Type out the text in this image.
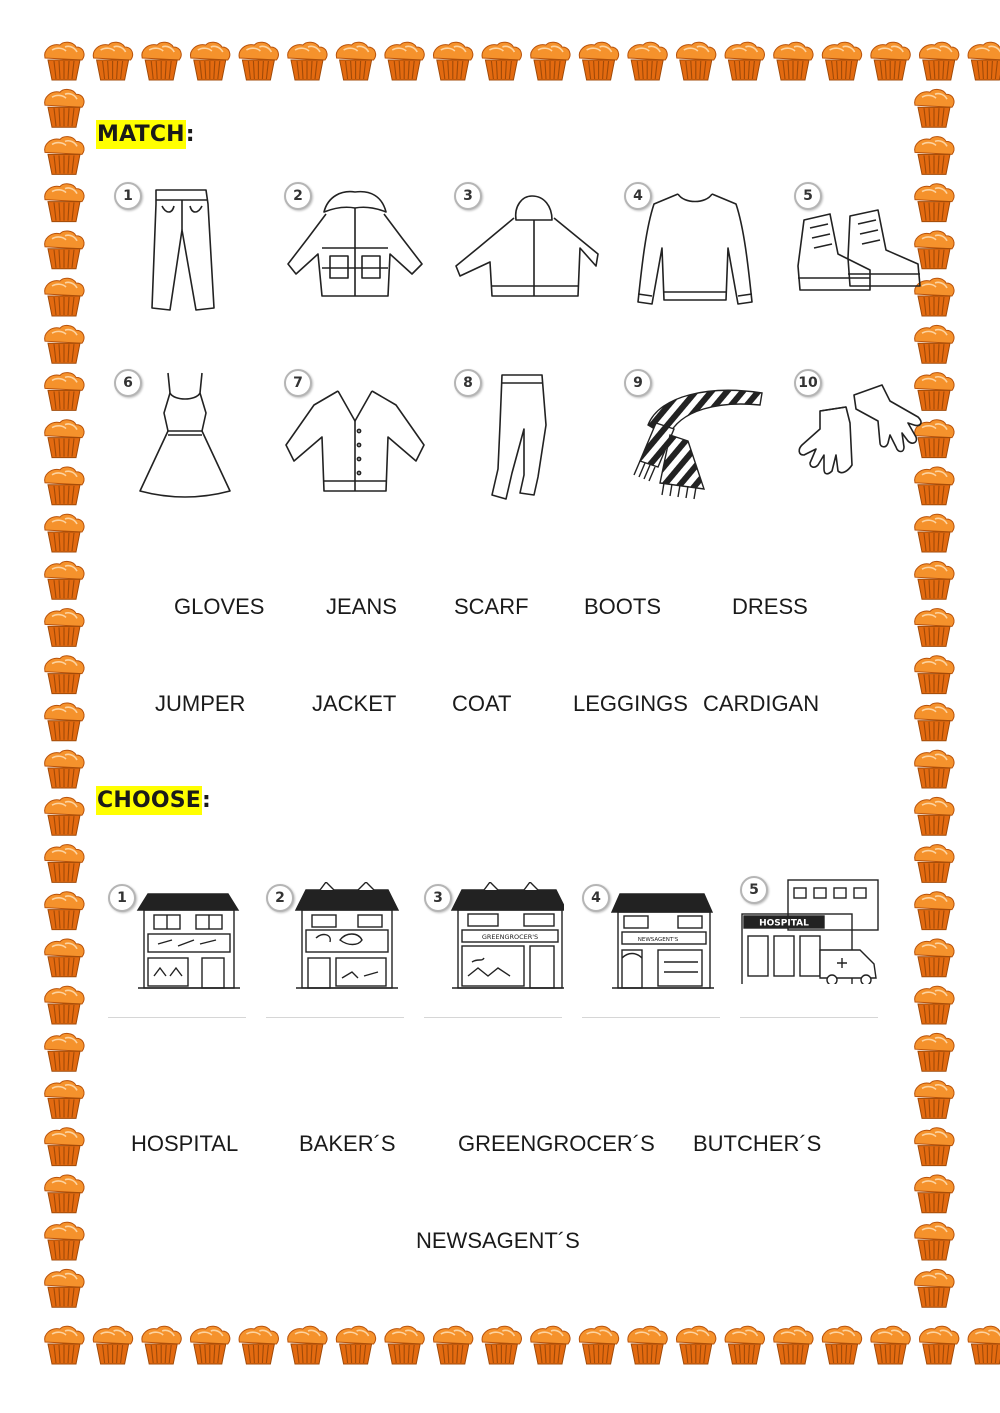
MATCH:
1	2	3	4	5
6	7	8	9	10
GLOVES	JEANS	SCARF	BOOTS	DRESS
JUMPER	JACKET	COAT	LEGGINGS CARDIGAN
CHOOSE:
1	2
GREENGROCER'S
3
NEWSAGENT'S
4
HOSPITAL
5
HOSPITAL	BAKER´S	GREENGROCER´S BUTCHER´S
NEWSAGENT´S
